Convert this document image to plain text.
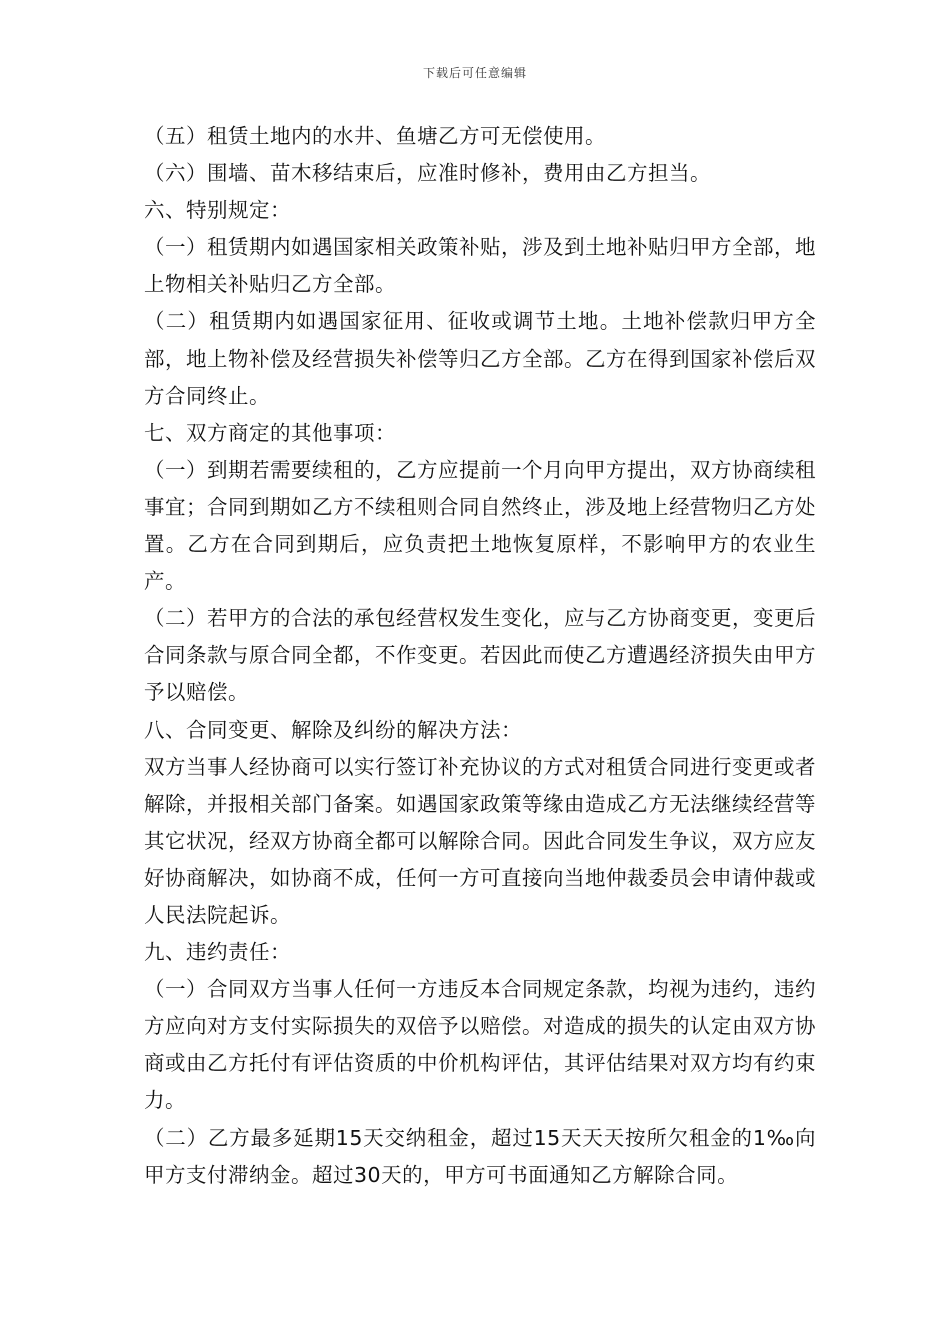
下载后可任意编辑

（五）租赁土地内的水井、鱼塘乙方可无偿使用。

（六）围墙、苗木移结束后，应准时修补，费用由乙方担当。

六、特别规定：

（一）租赁期内如遇国家相关政策补贴，涉及到土地补贴归甲方全部，地上物相关补贴归乙方全部。

（二）租赁期内如遇国家征用、征收或调节土地。土地补偿款归甲方全部，地上物补偿及经营损失补偿等归乙方全部。乙方在得到国家补偿后双方合同终止。

七、双方商定的其他事项：

（一）到期若需要续租的，乙方应提前一个月向甲方提出，双方协商续租事宜；合同到期如乙方不续租则合同自然终止，涉及地上经营物归乙方处置。乙方在合同到期后，应负责把土地恢复原样，不影响甲方的农业生产。

（二）若甲方的合法的承包经营权发生变化，应与乙方协商变更，变更后合同条款与原合同全都，不作变更。若因此而使乙方遭遇经济损失由甲方予以赔偿。

八、合同变更、解除及纠纷的解决方法：

双方当事人经协商可以实行签订补充协议的方式对租赁合同进行变更或者解除，并报相关部门备案。如遇国家政策等缘由造成乙方无法继续经营等其它状况，经双方协商全都可以解除合同。因此合同发生争议，双方应友好协商解决，如协商不成，任何一方可直接向当地仲裁委员会申请仲裁或人民法院起诉。

九、违约责任：

（一）合同双方当事人任何一方违反本合同规定条款，均视为违约，违约方应向对方支付实际损失的双倍予以赔偿。对造成的损失的认定由双方协商或由乙方托付有评估资质的中价机构评估，其评估结果对双方均有约束力。

（二）乙方最多延期15天交纳租金，超过15天天天按所欠租金的1‰向甲方支付滞纳金。超过30天的，甲方可书面通知乙方解除合同。
